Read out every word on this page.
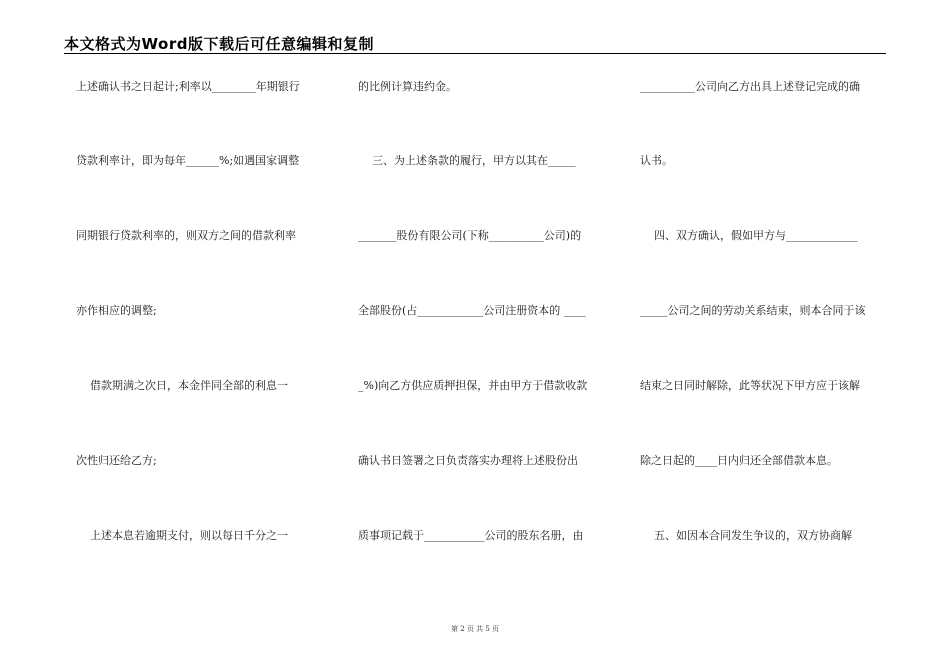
本文格式为Word版下载后可任意编辑和复制
上述确认书之日起计;利率以________年期银行
贷款利率计，即为每年______%;如遇国家调整
同期银行贷款利率的，则双方之间的借款利率
亦作相应的调整;
借款期满之次日，本金伴同全部的利息一
次性归还给乙方;
上述本息若逾期支付，则以每日千分之一
的比例计算违约金。
三、为上述条款的履行，甲方以其在_____
_______股份有限公司(下称__________公司)的
全部股份(占____________公司注册资本的 ____
_%)向乙方供应质押担保，并由甲方于借款收款
确认书日签署之日负责落实办理将上述股份出
质事项记载于___________公司的股东名册，由
__________公司向乙方出具上述登记完成的确
认书。
四、双方确认，假如甲方与_____________
_____公司之间的劳动关系结束，则本合同于该
结束之日同时解除，此等状况下甲方应于该解
除之日起的____日内归还全部借款本息。
五、如因本合同发生争议的，双方协商解
第 2 页 共 5 页
